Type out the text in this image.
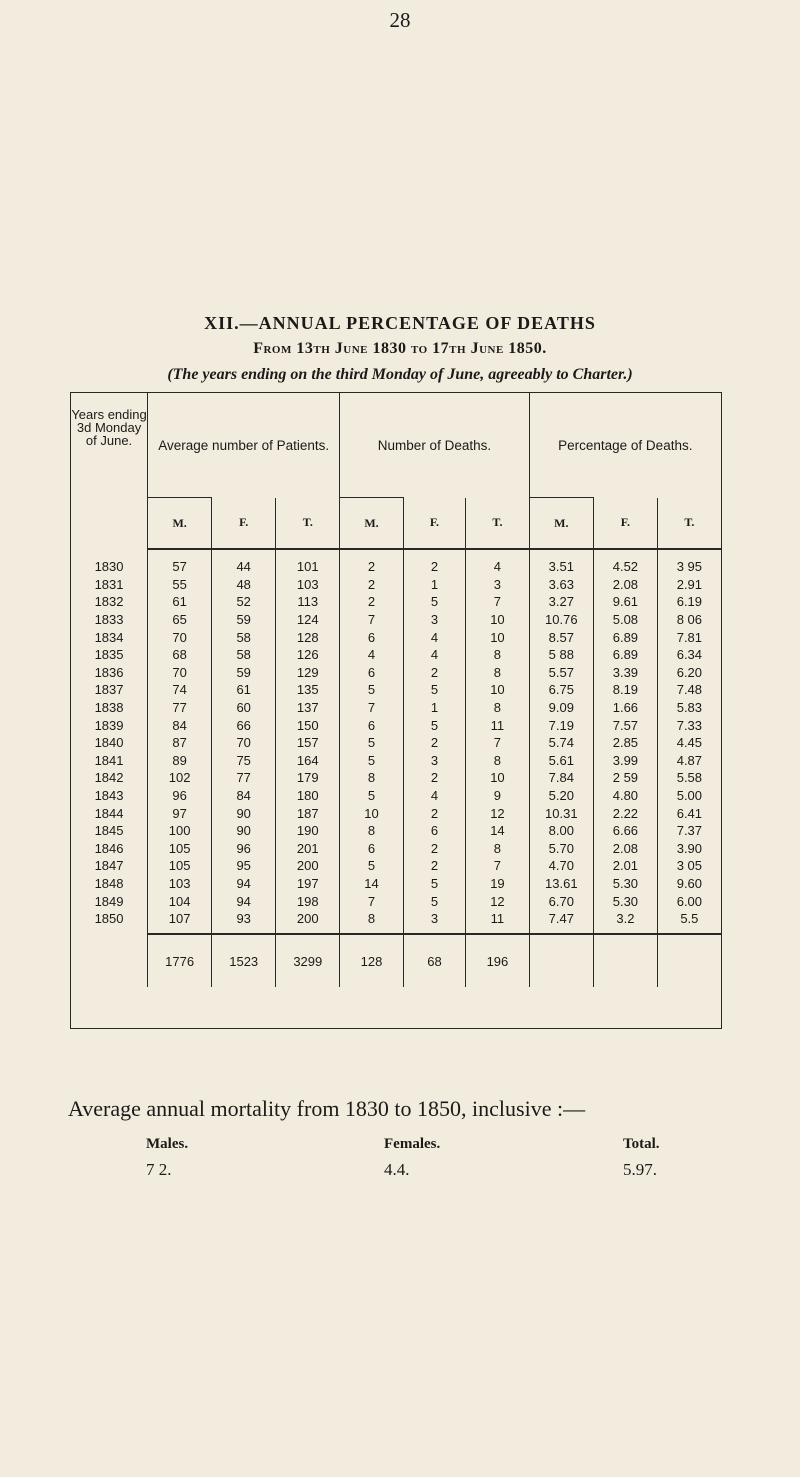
28
XII.—ANNUAL PERCENTAGE OF DEATHS
From 13th June 1830 to 17th June 1850.
(The years ending on the third Monday of June, agreeably to Charter.)
Years ending 3d Monday of June.	Average number of Patients.			Number of Deaths.			Percentage of Deaths.		
	M.	F.	T.	M.	F.	T.	M.	F.	T.
1830	57	44	101	2	2	4	3.51	4.52	3 95
1831	55	48	103	2	1	3	3.63	2.08	2.91
1832	61	52	113	2	5	7	3.27	9.61	6.19
1833	65	59	124	7	3	10	10.76	5.08	8 06
1834	70	58	128	6	4	10	8.57	6.89	7.81
1835	68	58	126	4	4	8	5 88	6.89	6.34
1836	70	59	129	6	2	8	5.57	3.39	6.20
1837	74	61	135	5	5	10	6.75	8.19	7.48
1838	77	60	137	7	1	8	9.09	1.66	5.83
1839	84	66	150	6	5	11	7.19	7.57	7.33
1840	87	70	157	5	2	7	5.74	2.85	4.45
1841	89	75	164	5	3	8	5.61	3.99	4.87
1842	102	77	179	8	2	10	7.84	2 59	5.58
1843	96	84	180	5	4	9	5.20	4.80	5.00
1844	97	90	187	10	2	12	10.31	2.22	6.41
1845	100	90	190	8	6	14	8.00	6.66	7.37
1846	105	96	201	6	2	8	5.70	2.08	3.90
1847	105	95	200	5	2	7	4.70	2.01	3 05
1848	103	94	197	14	5	19	13.61	5.30	9.60
1849	104	94	198	7	5	12	6.70	5.30	6.00
1850	107	93	200	8	3	11	7.47	3.2	5.5

	1776	1523	3299	128	68	196			
Average annual mortality from 1830 to 1850, inclusive :—
Males.	Females.	Total.
7 2.	4.4.	5.97.
